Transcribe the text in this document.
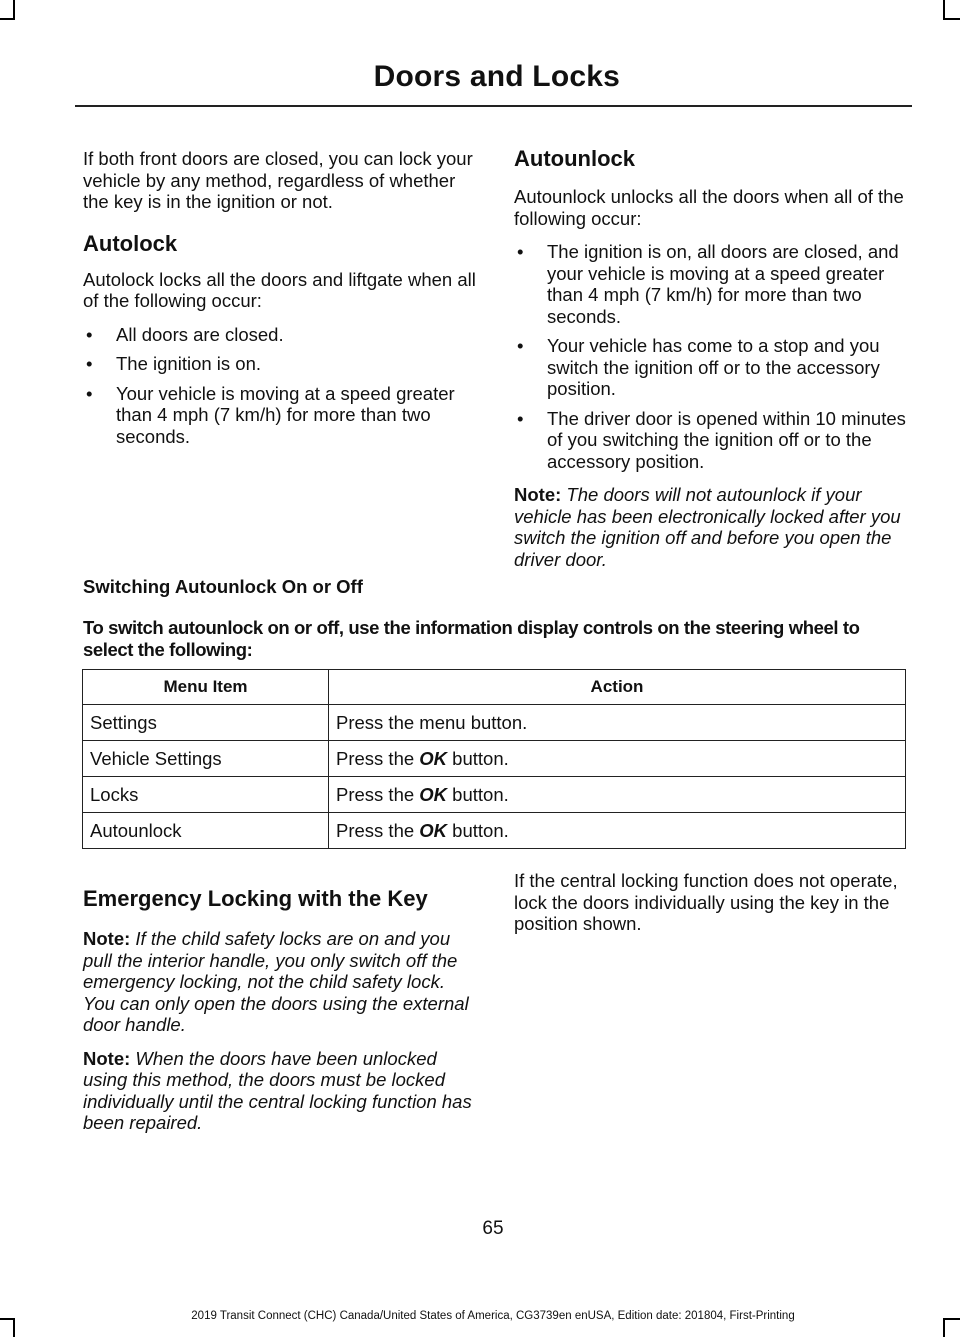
Doors and Locks

If both front doors are closed, you can lock your vehicle by any method, regardless of whether the key is in the ignition or not.

Autolock

Autolock locks all the doors and liftgate when all of the following occur:

• All doors are closed.
• The ignition is on.
• Your vehicle is moving at a speed greater than 4 mph (7 km/h) for more than two seconds.
Autounlock

Autounlock unlocks all the doors when all of the following occur:

• The ignition is on, all doors are closed, and your vehicle is moving at a speed greater than 4 mph (7 km/h) for more than two seconds.
• Your vehicle has come to a stop and you switch the ignition off or to the accessory position.
• The driver door is opened within 10 minutes of you switching the ignition off or to the accessory position.

Note: The doors will not autounlock if your vehicle has been electronically locked after you switch the ignition off and before you open the driver door.

Switching Autounlock On or Off
To switch autounlock on or off, use the information display controls on the steering wheel to select the following:
Menu Item	Action
Settings	Press the menu button.
Vehicle Settings	Press the OK button.
Locks	Press the OK button.
Autounlock	Press the OK button.
Emergency Locking with the Key

Note: If the child safety locks are on and you pull the interior handle, you only switch off the emergency locking, not the child safety lock. You can only open the doors using the external door handle.

Note: When the doors have been unlocked using this method, the doors must be locked individually until the central locking function has been repaired.

If the central locking function does not operate, lock the doors individually using the key in the position shown.

65
2019 Transit Connect (CHC) Canada/United States of America, CG3739en enUSA, Edition date: 201804, First-Printing
